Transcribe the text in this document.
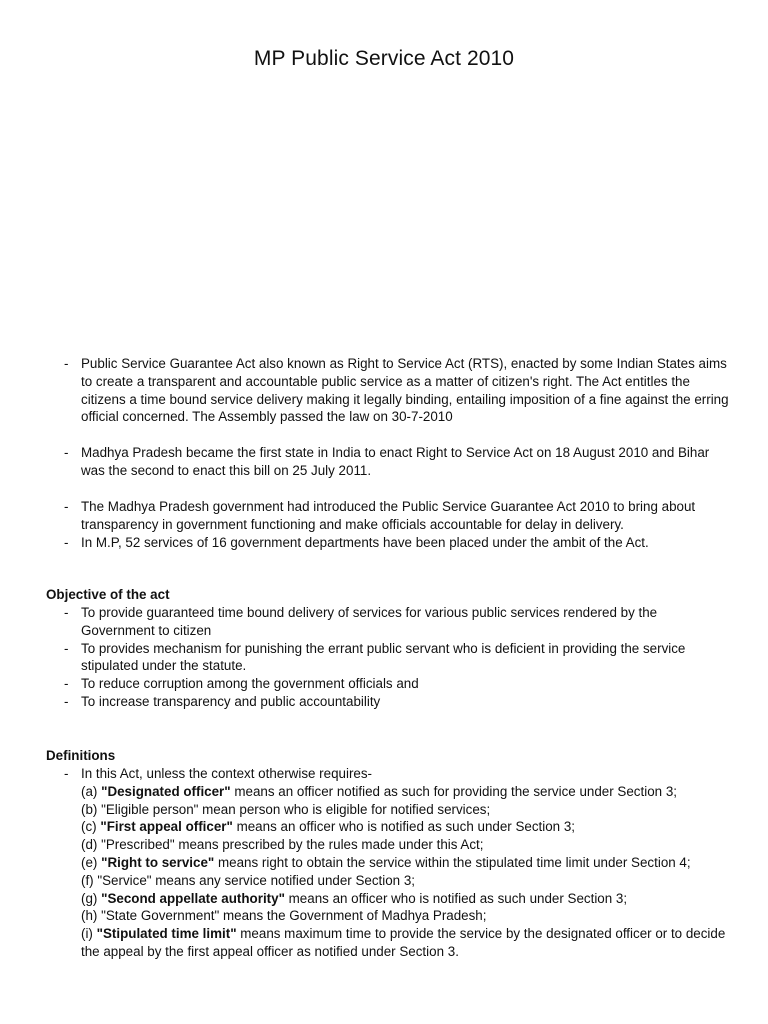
MP Public Service Act 2010
- Public Service Guarantee Act also known as Right to Service Act (RTS), enacted by some Indian States aims to create a transparent and accountable public service as a matter of citizen's right. The Act entitles the citizens a time bound service delivery making it legally binding, entailing imposition of a fine against the erring official concerned. The Assembly passed the law on 30-7-2010
- Madhya Pradesh became the first state in India to enact Right to Service Act on 18 August 2010 and Bihar was the second to enact this bill on 25 July 2011.
- The Madhya Pradesh government had introduced the Public Service Guarantee Act 2010 to bring about transparency in government functioning and make officials accountable for delay in delivery.
- In M.P, 52 services of 16 government departments have been placed under the ambit of the Act.

Objective of the act

- To provide guaranteed time bound delivery of services for various public services rendered by the Government to citizen
- To provides mechanism for punishing the errant public servant who is deficient in providing the service stipulated under the statute.
- To reduce corruption among the government officials and
- To increase transparency and public accountability

Definitions

- In this Act, unless the context otherwise requires-
(a) "Designated officer" means an officer notified as such for providing the service under Section 3;
(b) "Eligible person" mean person who is eligible for notified services;
(c) "First appeal officer" means an officer who is notified as such under Section 3;
(d) "Prescribed" means prescribed by the rules made under this Act;
(e) "Right to service" means right to obtain the service within the stipulated time limit under Section 4;
(f) "Service" means any service notified under Section 3;
(g) "Second appellate authority" means an officer who is notified as such under Section 3;
(h) "State Government" means the Government of Madhya Pradesh;
(i) "Stipulated time limit" means maximum time to provide the service by the designated officer or to decide the appeal by the first appeal officer as notified under Section 3.
